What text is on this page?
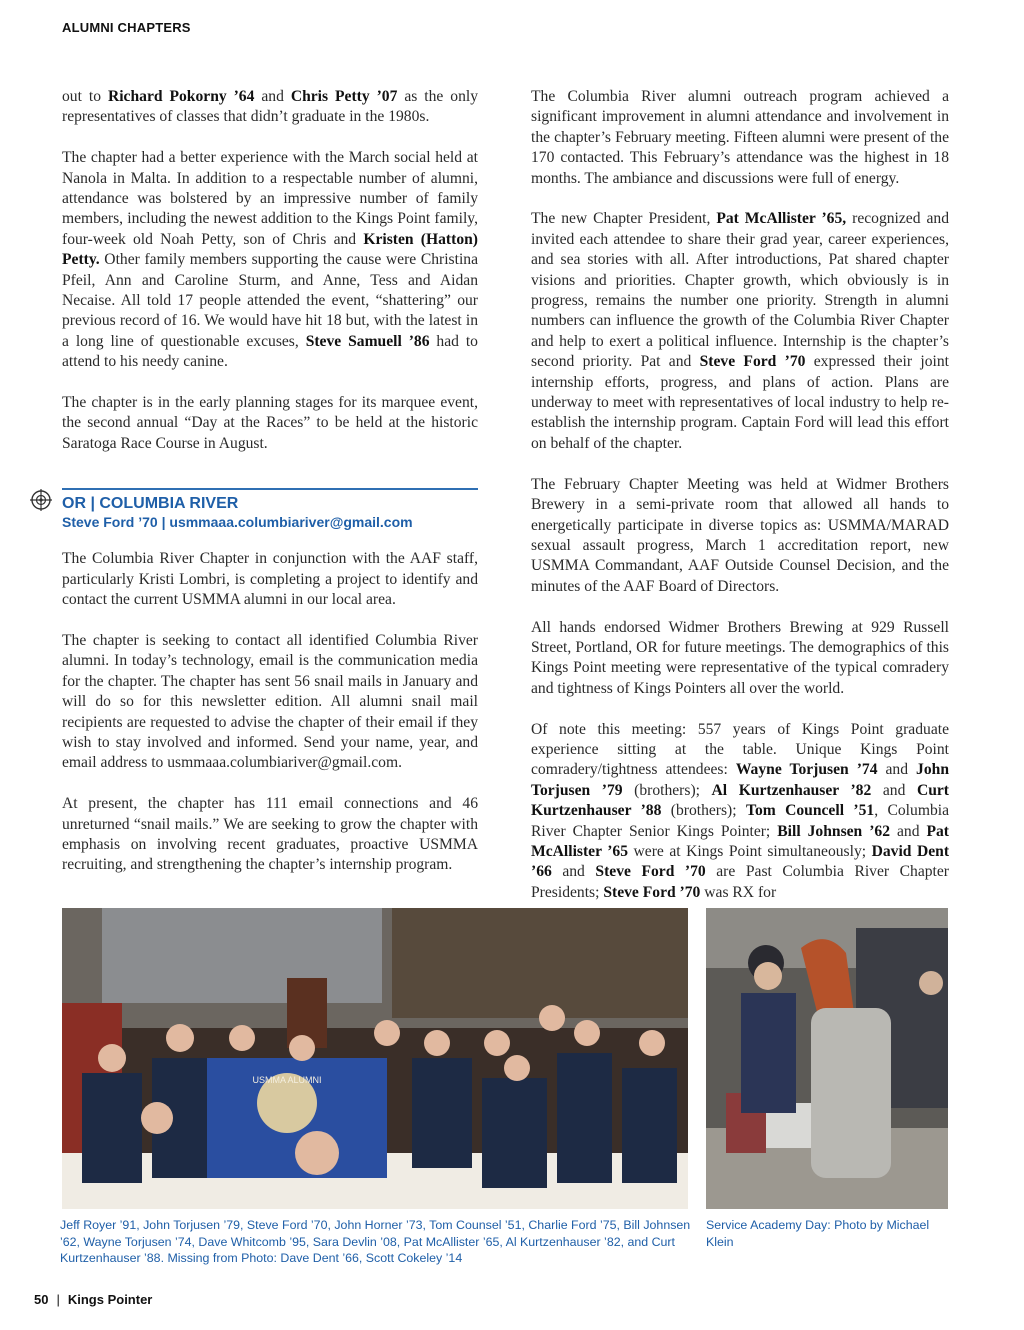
ALUMNI CHAPTERS

out to Richard Pokorny ’64 and Chris Petty ’07 as the only representatives of classes that didn’t graduate in the 1980s.

The chapter had a better experience with the March social held at Nanola in Malta. In addition to a respectable number of alumni, attendance was bolstered by an impressive number of family members, including the newest addition to the Kings Point family, four-week old Noah Petty, son of Chris and Kristen (Hatton) Petty. Other family members supporting the cause were Christina Pfeil, Ann and Caroline Sturm, and Anne, Tess and Aidan Necaise. All told 17 people attended the event, “shattering” our previous record of 16. We would have hit 18 but, with the latest in a long line of questionable excuses, Steve Samuell ’86 had to attend to his needy canine.

The chapter is in the early planning stages for its marquee event, the second annual “Day at the Races” to be held at the historic Saratoga Race Course in August.

OR | COLUMBIA RIVER
Steve Ford ’70 | usmmaaa.columbiariver@gmail.com

The Columbia River Chapter in conjunction with the AAF staff, particularly Kristi Lombri, is completing a project to identify and contact the current USMMA alumni in our local area.

The chapter is seeking to contact all identified Columbia River alumni. In today’s technology, email is the communication media for the chapter. The chapter has sent 56 snail mails in January and will do so for this newsletter edition. All alumni snail mail recipients are requested to advise the chapter of their email if they wish to stay involved and informed. Send your name, year, and email address to usmmaaa.columbiariver@gmail.com.

At present, the chapter has 111 email connections and 46 unreturned “snail mails.” We are seeking to grow the chapter with emphasis on involving recent graduates, proactive USMMA recruiting, and strengthening the chapter’s internship program.

The Columbia River alumni outreach program achieved a significant improvement in alumni attendance and involvement in the chapter’s February meeting. Fifteen alumni were present of the 170 contacted. This February’s attendance was the highest in 18 months. The ambiance and discussions were full of energy.

The new Chapter President, Pat McAllister ’65, recognized and invited each attendee to share their grad year, career experiences, and sea stories with all. After introductions, Pat shared chapter visions and priorities. Chapter growth, which obviously is in progress, remains the number one priority. Strength in alumni numbers can influence the growth of the Columbia River Chapter and help to exert a political influence. Internship is the chapter’s second priority. Pat and Steve Ford ’70 expressed their joint internship efforts, progress, and plans of action. Plans are underway to meet with representatives of local industry to help re-establish the internship program. Captain Ford will lead this effort on behalf of the chapter.

The February Chapter Meeting was held at Widmer Brothers Brewery in a semi-private room that allowed all hands to energetically participate in diverse topics as: USMMA/MARAD sexual assault progress, March 1 accreditation report, new USMMA Commandant, AAF Outside Counsel Decision, and the minutes of the AAF Board of Directors.

All hands endorsed Widmer Brothers Brewing at 929 Russell Street, Portland, OR for future meetings. The demographics of this Kings Point meeting were representative of the typical comradery and tightness of Kings Pointers all over the world.

Of note this meeting: 557 years of Kings Point graduate experience sitting at the table. Unique Kings Point comradery/tightness attendees: Wayne Torjusen ’74 and John Torjusen ’79 (brothers); Al Kurtzenhauser ’82 and Curt Kurtzenhauser ’88 (brothers); Tom Councell ’51, Columbia River Chapter Senior Kings Pointer; Bill Johnsen ’62 and Pat McAllister ’65 were at Kings Point simultaneously; David Dent ’66 and Steve Ford ’70 are Past Columbia River Chapter Presidents; Steve Ford ’70 was RX for

USMMA ALUMNI
Jeff Royer ’91, John Torjusen ’79, Steve Ford ’70, John Horner ’73, Tom Counsel ’51, Charlie Ford ’75, Bill Johnsen ’62, Wayne Torjusen ’74, Dave Whitcomb ’95, Sara Devlin ’08, Pat McAllister ’65, Al Kurtzenhauser ’82, and Curt Kurtzenhauser ’88. Missing from Photo: Dave Dent ’66, Scott Cokeley ’14
Service Academy Day: Photo by Michael Klein
50 | Kings Pointer
